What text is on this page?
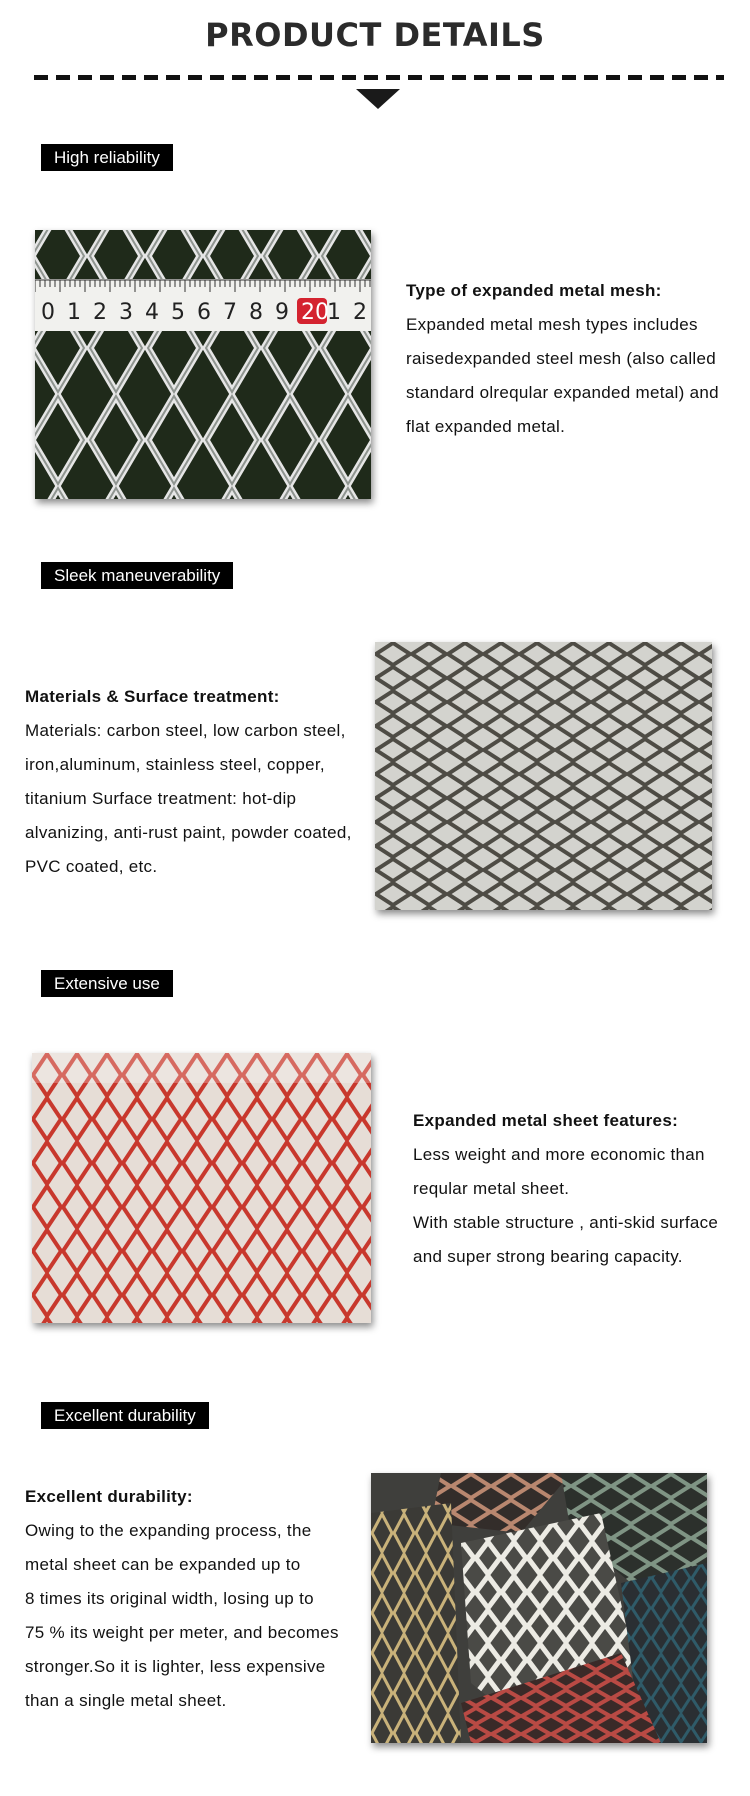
PRODUCT DETAILS
High reliability
0 1 2 3 4 5 6 7 8 9 20
1 2

Type of expanded metal mesh:

Expanded metal mesh types includes

raisedexpanded steel mesh (also called

standard olreqular expanded metal) and

flat expanded metal.

Sleek maneuverability

Materials & Surface treatment:

Materials: carbon steel, low carbon steel,

iron,aluminum, stainless steel, copper,

titanium Surface treatment: hot-dip

alvanizing, anti-rust paint, powder coated,

PVC coated, etc.

Extensive use

Expanded metal sheet features:

Less weight and more economic than

reqular metal sheet.

With stable structure , anti-skid surface

and super strong bearing capacity.

Excellent durability

Excellent durability:

Owing to the expanding process, the

metal sheet can be expanded up to

8 times its original width, losing up to

75 % its weight per meter, and becomes

stronger.So it is lighter, less expensive

than a single metal sheet.
